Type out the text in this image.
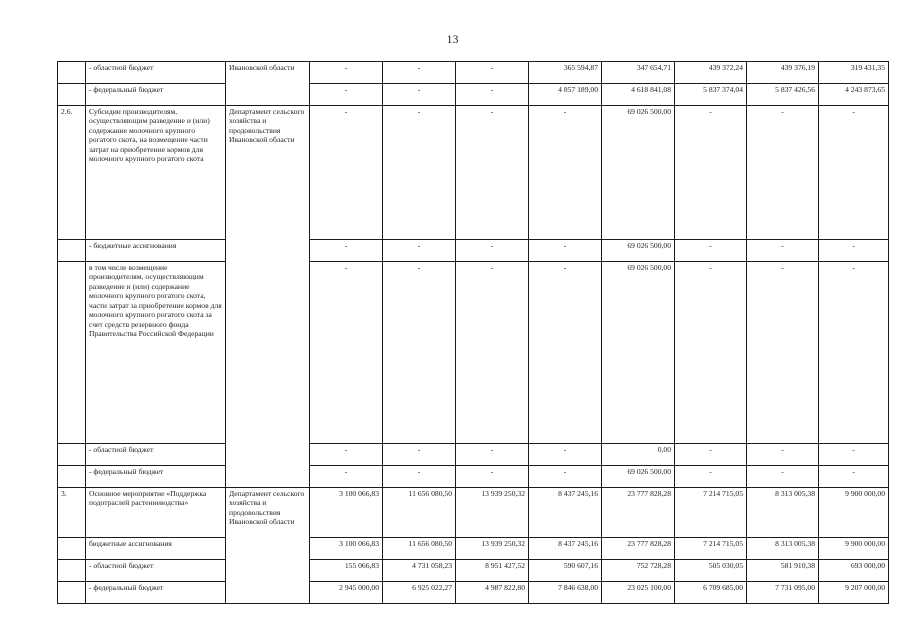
13
	- областной бюджет	Ивановской области	-	-	-	365 594,87	347 654,71	439 372,24	439 376,19	319 431,35
	- федеральный бюджет		-	-	-	4 857 189,00	4 618 841,08	5 837 374,04	5 837 426,56	4 243 873,65
2.6.	Субсидии производителям, осуществляющим разведение и (или) содержание молочного крупного рогатого скота, на возмещение части затрат на приобретение кормов для молочного крупного рогатого скота	Департамент сельского хозяйства и продовольствия Ивановской области	-	-	-	-	69 026 500,00	-	-	-
	- бюджетные ассигнования		-	-	-	-	69 026 500,00	-	-	-
	в том числе возмещение производителям, осуществляющим разведение и (или) содержание молочного крупного рогатого скота, части затрат за приобретение кормов для молочного крупного рогатого скота за счет средств резервного фонда Правительства Российской Федерации		-	-	-	-	69 026 500,00	-	-	-
	- областной бюджет		-	-	-	-	0,00	-	-	-
	- федеральный бюджет		-	-	-	-	69 026 500,00	-	-	-
3.	Основное мероприятие «Поддержка подотраслей растениеводства»	Департамент сельского хозяйства и продовольствия Ивановской области	3 100 066,83	11 656 080,50	13 939 250,32	8 437 245,16	23 777 828,28	7 214 715,05	8 313 005,38	9 900 000,00
	бюджетные ассигнования		3 100 066,83	11 656 080,50	13 939 250,32	8 437 245,16	23 777 828,28	7 214 715,05	8 313 005,38	9 900 000,00
	- областной бюджет		155 066,83	4 731 058,23	8 951 427,52	590 607,16	752 728,28	505 030,05	581 910,38	693 000,00
	- федеральный бюджет		2 945 000,00	6 925 022,27	4 987 822,80	7 846 638,00	23 025 100,00	6 709 685,00	7 731 095,00	9 207 000,00
